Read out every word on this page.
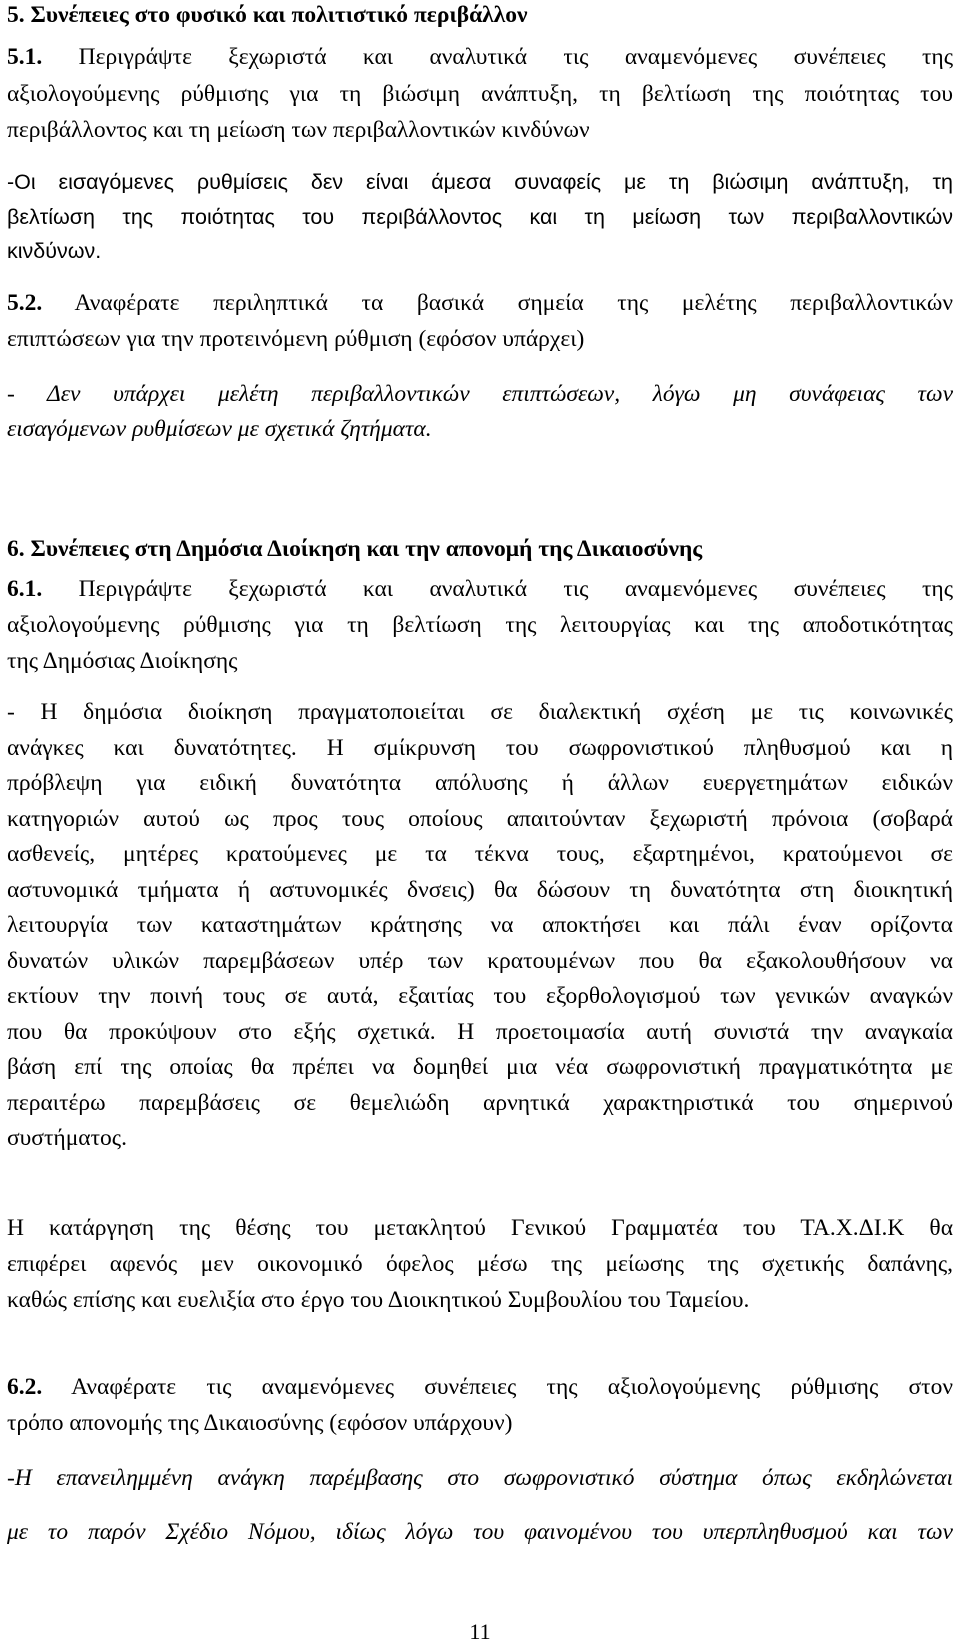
5. Συνέπειες στο φυσικό και πολιτιστικό περιβάλλον
5.1. Περιγράψτε ξεχωριστά και αναλυτικά τις αναμενόμενες συνέπειες της
αξιολογούμενης ρύθμισης για τη βιώσιμη ανάπτυξη, τη βελτίωση της ποιότητας του
περιβάλλοντος και τη μείωση των περιβαλλοντικών κινδύνων
-Οι εισαγόμενες ρυθμίσεις δεν είναι άμεσα συναφείς με τη βιώσιμη ανάπτυξη, τη
βελτίωση της ποιότητας του περιβάλλοντος και τη μείωση των περιβαλλοντικών
κινδύνων.
5.2. Αναφέρατε περιληπτικά τα βασικά σημεία της μελέτης περιβαλλοντικών
επιπτώσεων για την προτεινόμενη ρύθμιση (εφόσον υπάρχει)
- Δεν υπάρχει μελέτη περιβαλλοντικών επιπτώσεων, λόγω μη συνάφειας των
εισαγόμενων ρυθμίσεων με σχετικά ζητήματα.
6. Συνέπειες στη Δημόσια Διοίκηση και την απονομή της Δικαιοσύνης
6.1. Περιγράψτε ξεχωριστά και αναλυτικά τις αναμενόμενες συνέπειες της
αξιολογούμενης ρύθμισης για τη βελτίωση της λειτουργίας και της αποδοτικότητας
της Δημόσιας Διοίκησης
- Η δημόσια διοίκηση πραγματοποιείται σε διαλεκτική σχέση με τις κοινωνικές
ανάγκες και δυνατότητες. Η σμίκρυνση του σωφρονιστικού πληθυσμού και η
πρόβλεψη για ειδική δυνατότητα απόλυσης ή άλλων ευεργετημάτων ειδικών
κατηγοριών αυτού ως προς τους οποίους απαιτούνταν ξεχωριστή πρόνοια (σοβαρά
ασθενείς, μητέρες κρατούμενες με τα τέκνα τους, εξαρτημένοι, κρατούμενοι σε
αστυνομικά τμήματα ή αστυνομικές δνσεις) θα δώσουν τη δυνατότητα στη διοικητική
λειτουργία των καταστημάτων κράτησης να αποκτήσει και πάλι έναν ορίζοντα
δυνατών υλικών παρεμβάσεων υπέρ των κρατουμένων που θα εξακολουθήσουν να
εκτίουν την ποινή τους σε αυτά, εξαιτίας του εξορθολογισμού των γενικών αναγκών
που θα προκύψουν στο εξής σχετικά. Η προετοιμασία αυτή συνιστά την αναγκαία
βάση επί της οποίας θα πρέπει να δομηθεί μια νέα σωφρονιστική πραγματικότητα με
περαιτέρω παρεμβάσεις σε θεμελιώδη αρνητικά χαρακτηριστικά του σημερινού
συστήματος.
Η κατάργηση της θέσης του μετακλητού Γενικού Γραμματέα του ΤΑ.Χ.ΔΙ.Κ θα
επιφέρει αφενός μεν οικονομικό όφελος μέσω της μείωσης της σχετικής δαπάνης,
καθώς επίσης και ευελιξία στο έργο του Διοικητικού Συμβουλίου του Ταμείου.
6.2. Αναφέρατε τις αναμενόμενες συνέπειες της αξιολογούμενης ρύθμισης στον
τρόπο απονομής της Δικαιοσύνης (εφόσον υπάρχουν)
-Η επανειλημμένη ανάγκη παρέμβασης στο σωφρονιστικό σύστημα όπως εκδηλώνεται
με το παρόν Σχέδιο Νόμου, ιδίως λόγω του φαινομένου του υπερπληθυσμού και των
11
